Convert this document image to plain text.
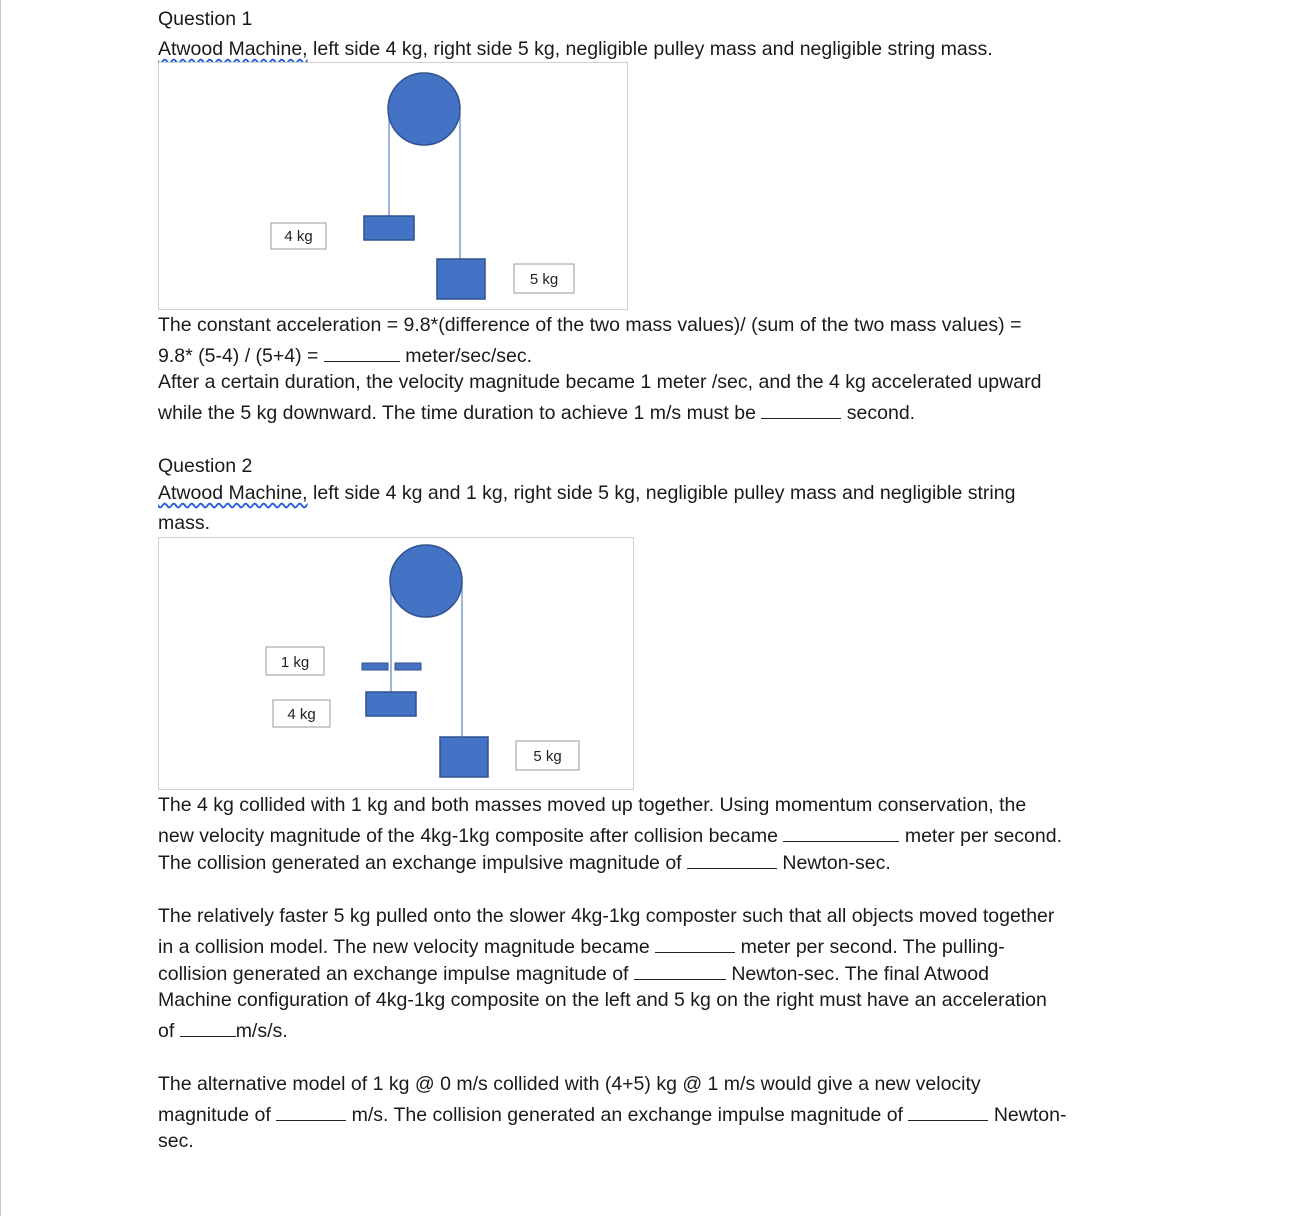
Question 1
Atwood Machine, left side 4 kg, right side 5 kg, negligible pulley mass and negligible string mass.
4 kg
5 kg
The constant acceleration = 9.8*(difference of the two mass values)/ (sum of the two mass values) =
9.8* (5-4) / (5+4) =	meter/sec/sec.
After a certain duration, the velocity magnitude became 1 meter /sec, and the 4 kg accelerated upward
while the 5 kg downward. The time duration to achieve 1 m/s must be	second.
Question 2
Atwood Machine, left side 4 kg and 1 kg, right side 5 kg, negligible pulley mass and negligible string
mass.
1 kg
4 kg
5 kg
The 4 kg collided with 1 kg and both masses moved up together. Using momentum conservation, the
new velocity magnitude of the 4kg-1kg composite after collision became	meter per second.
The collision generated an exchange impulsive magnitude of	Newton-sec.
The relatively faster 5 kg pulled onto the slower 4kg-1kg composter such that all objects moved together
in a collision model. The new velocity magnitude became	meter per second. The pulling-
collision generated an exchange impulse magnitude of	Newton-sec. The final Atwood
Machine configuration of 4kg-1kg composite on the left and 5 kg on the right must have an acceleration
of	m/s/s.
The alternative model of 1 kg @ 0 m/s collided with (4+5) kg @ 1 m/s would give a new velocity
magnitude of	m/s. The collision generated an exchange impulse magnitude of	Newton-
sec.
